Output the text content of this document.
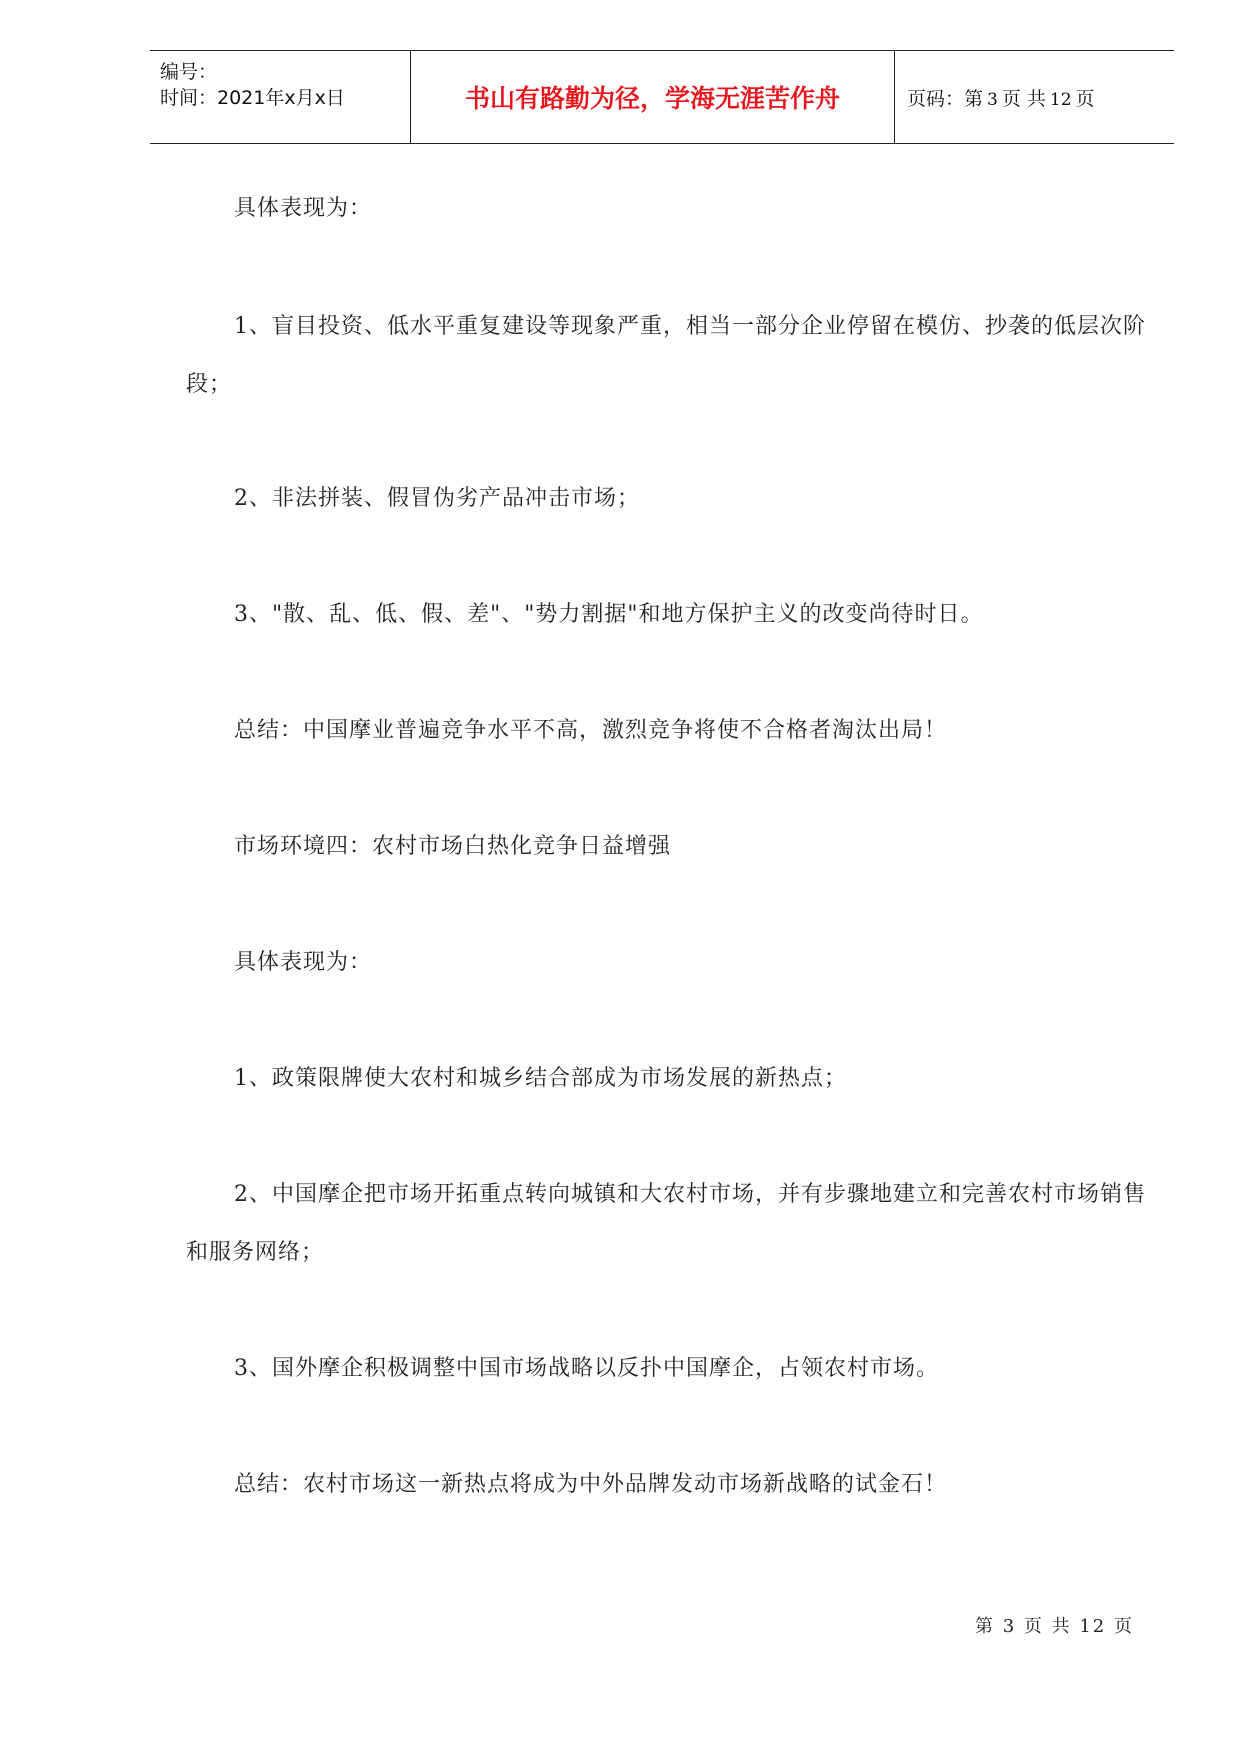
编号：
时间：2021年x月x日	书山有路勤为径，学海无涯苦作舟	页码：第 3 页 共 12 页
具体表现为：
1、盲目投资、低水平重复建设等现象严重，相当一部分企业停留在模仿、抄袭的低层次阶段；
2、非法拼装、假冒伪劣产品冲击市场；
3、"散、乱、低、假、差"、"势力割据"和地方保护主义的改变尚待时日。
总结：中国摩业普遍竞争水平不高，激烈竞争将使不合格者淘汰出局！
市场环境四：农村市场白热化竞争日益增强
具体表现为：
1、政策限牌使大农村和城乡结合部成为市场发展的新热点；
2、中国摩企把市场开拓重点转向城镇和大农村市场，并有步骤地建立和完善农村市场销售和服务网络；
3、国外摩企积极调整中国市场战略以反扑中国摩企，占领农村市场。
总结：农村市场这一新热点将成为中外品牌发动市场新战略的试金石！
第 3 页 共 12 页
